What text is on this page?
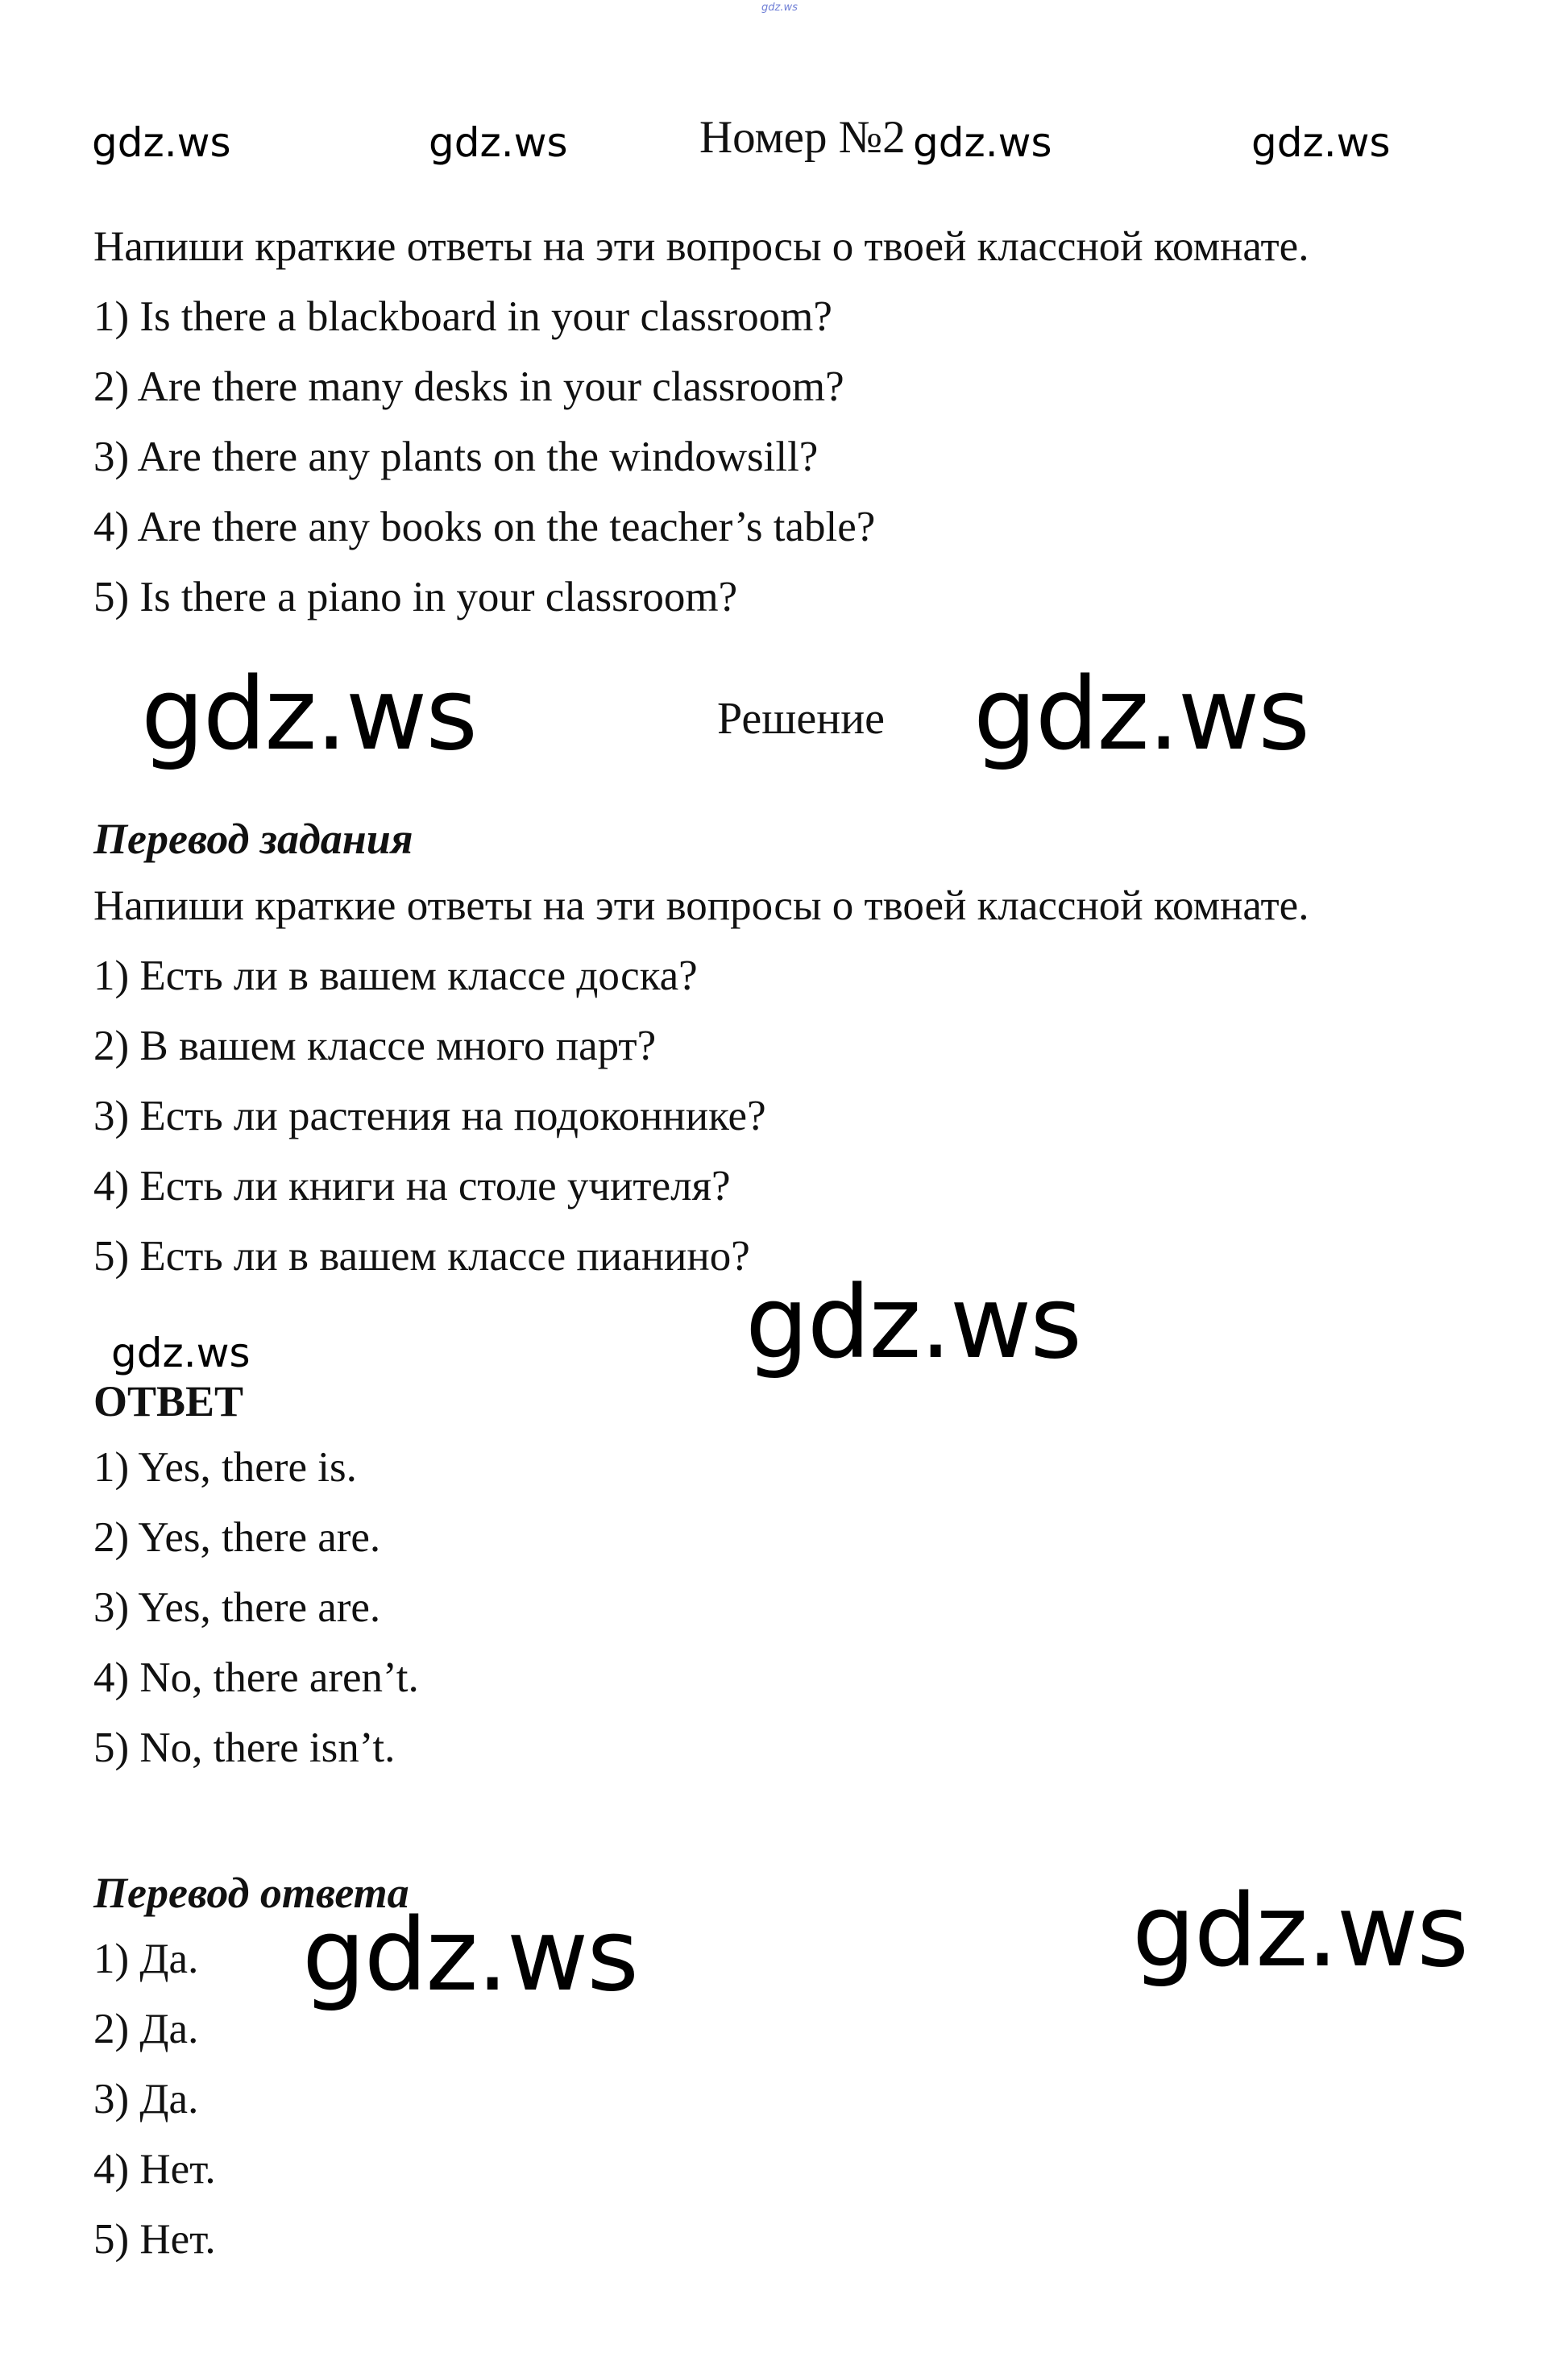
gdz.ws
gdz.ws	gdz.ws	Номер №2 gdz.ws	gdz.ws
Напиши краткие ответы на эти вопросы о твоей классной комнате.
1) Is there a blackboard in your classroom?
2) Are there many desks in your classroom?
3) Are there any plants on the windowsill?
4) Are there any books on the teacher’s table?
5) Is there a piano in your classroom?
gdz.ws	Решение gdz.ws
Перевод задания
Напиши краткие ответы на эти вопросы о твоей классной комнате.
1) Есть ли в вашем классе доска?
2) В вашем классе много парт?
3) Есть ли растения на подоконнике?
4) Есть ли книги на столе учителя?
5) Есть ли в вашем классе пианино?
gdz.ws
gdz.ws
ОТВЕТ
1) Yes, there is.
2) Yes, there are.
3) Yes, there are.
4) No, there aren’t.
5) No, there isn’t.
Перевод ответа
gdz.ws	gdz.ws
1) Да.
2) Да.
3) Да.
4) Нет.
5) Нет.
